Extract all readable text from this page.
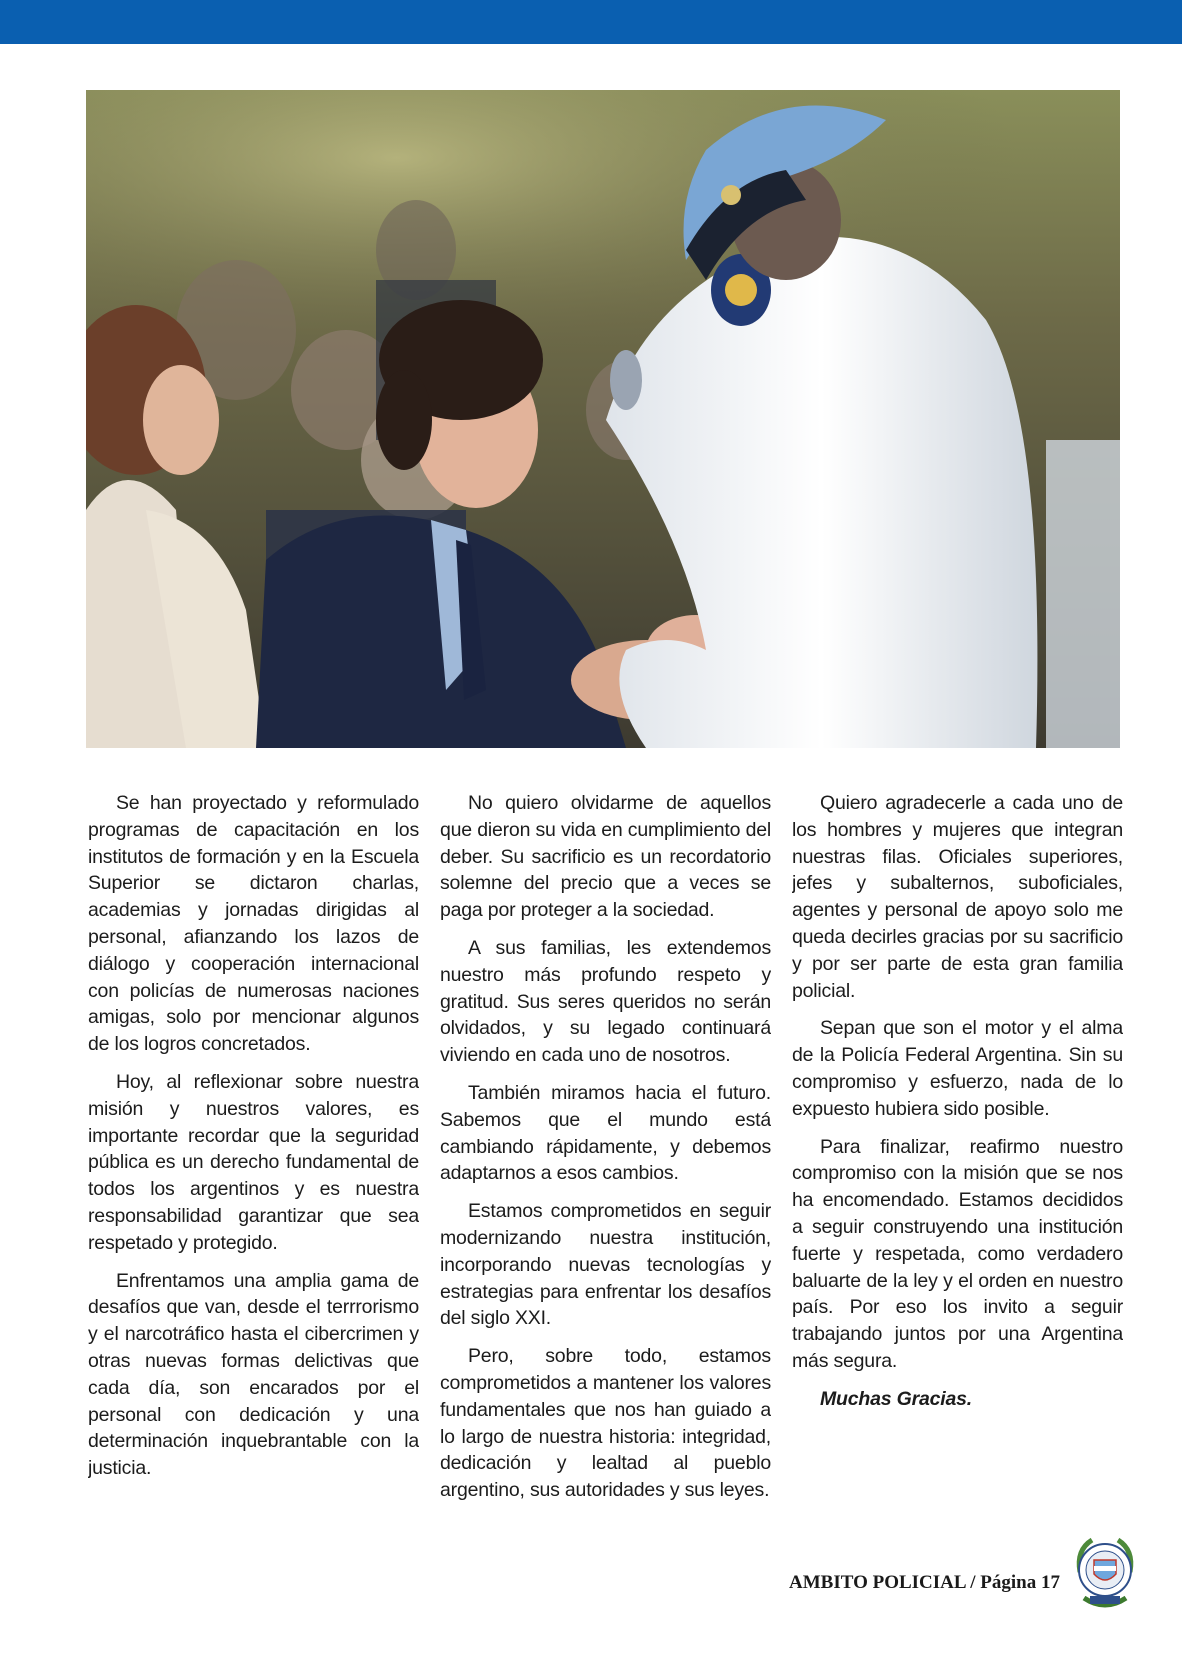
Se han proyectado y reformulado programas de capacitación en los institutos de formación y en la Escuela Superior se dictaron charlas, academias y jornadas dirigidas al personal, afianzando los lazos de diálogo y cooperación internacional con policías de numerosas naciones amigas, solo por mencionar algunos de los logros concretados.

Hoy, al reflexionar sobre nuestra misión y nuestros valores, es importante recordar que la seguridad pública es un derecho fundamental de todos los argentinos y es nuestra responsabilidad garantizar que sea respetado y protegido.

Enfrentamos una amplia gama de desafíos que van, desde el terrrorismo y el narcotráfico hasta el cibercrimen y otras nuevas formas delictivas que cada día, son encarados por el personal con dedicación y una determinación inquebrantable con la justicia.

No quiero olvidarme de aquellos que dieron su vida en cumplimiento del deber. Su sacrificio es un recordatorio solemne del precio que a veces se paga por proteger a la sociedad.

A sus familias, les extendemos nuestro más profundo respeto y gratitud. Sus seres queridos no serán olvidados, y su legado continuará viviendo en cada uno de nosotros.

También miramos hacia el futuro. Sabemos que el mundo está cambiando rápidamente, y debemos adaptarnos a esos cambios.

Estamos comprometidos en seguir modernizando nuestra institución, incorporando nuevas tecnologías y estrategias para enfrentar los desafíos del siglo XXI.

Pero, sobre todo, estamos comprometidos a mantener los valores fundamentales que nos han guiado a lo largo de nuestra historia: integridad, dedicación y lealtad al pueblo argentino, sus autoridades y sus leyes.

Quiero agradecerle a cada uno de los hombres y mujeres que integran nuestras filas. Oficiales superiores, jefes y subalternos, suboficiales, agentes y personal de apoyo solo me queda decirles gracias por su sacrificio y por ser parte de esta gran familia policial.

Sepan que son el motor y el alma de la Policía Federal Argentina. Sin su compromiso y esfuerzo, nada de lo expuesto hubiera sido posible.

Para finalizar, reafirmo nuestro compromiso con la misión que se nos ha encomendado. Estamos decididos a seguir construyendo una institución fuerte y respetada, como verdadero baluarte de la ley y el orden en nuestro país. Por eso los invito a seguir trabajando juntos por una Argentina más segura.

Muchas Gracias.

AMBITO POLICIAL / Página 17
